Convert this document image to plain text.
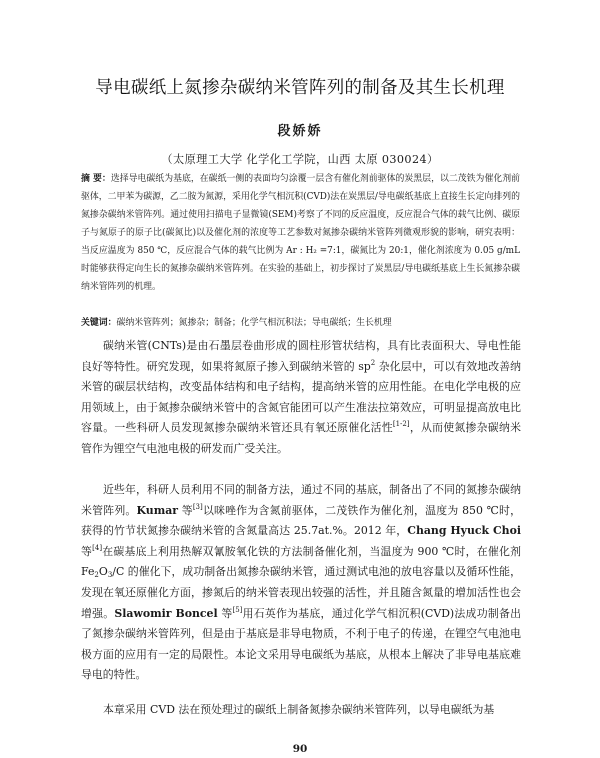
导电碳纸上氮掺杂碳纳米管阵列的制备及其生长机理
段娇娇
（太原理工大学 化学化工学院，山西 太原 030024）
摘 要：选择导电碳纸为基底，在碳纸一侧的表面均匀涂覆一层含有催化剂前驱体的炭黑层，以二茂铁为催化剂前驱体，二甲苯为碳源，乙二胺为氮源，采用化学气相沉积(CVD)法在炭黑层/导电碳纸基底上直接生长定向排列的氮掺杂碳纳米管阵列。通过使用扫描电子显微镜(SEM)考察了不同的反应温度，反应混合气体的载气比例、碳原子与氮原子的原子比(碳氮比)以及催化剂的浓度等工艺参数对氮掺杂碳纳米管阵列微观形貌的影响，研究表明：当反应温度为 850 ℃，反应混合气体的载气比例为 Ar : H₂ =7:1，碳氮比为 20:1，催化剂浓度为 0.05 g/mL 时能够获得定向生长的氮掺杂碳纳米管阵列。在实验的基础上，初步探讨了炭黑层/导电碳纸基底上生长氮掺杂碳纳米管阵列的机理。
关键词：碳纳米管阵列；氮掺杂；制备；化学气相沉积法；导电碳纸；生长机理

碳纳米管(CNTs)是由石墨层卷曲形成的圆柱形管状结构，具有比表面积大、导电性能良好等特性。研究发现，如果将氮原子掺入到碳纳米管的 $sp^2$ 杂化层中，可以有效地改善纳米管的碳层状结构，改变晶体结构和电子结构，提高纳米管的应用性能。在电化学电极的应用领域上，由于氮掺杂碳纳米管中的含氮官能团可以产生准法拉第效应，可明显提高放电比容量。一些科研人员发现氮掺杂碳纳米管还具有氧还原催化活性[1-2]，从而使氮掺杂碳纳米管作为锂空气电池电极的研发而广受关注。

近些年，科研人员利用不同的制备方法，通过不同的基底，制备出了不同的氮掺杂碳纳米管阵列。Kumar 等[3]以咪唑作为含氮前驱体，二茂铁作为催化剂，温度为 850 ℃时，获得的竹节状氮掺杂碳纳米管的含氮量高达 25.7at.%。2012 年，Chang Hyuck Choi 等[4]在碳基底上利用热解双氰胺氧化铁的方法制备催化剂，当温度为 900 ℃时，在催化剂 $Fe_2O_3/C$ 的催化下，成功制备出氮掺杂碳纳米管，通过测试电池的放电容量以及循环性能，发现在氧还原催化方面，掺氮后的纳米管表现出较强的活性，并且随含氮量的增加活性也会增强。Slawomir Boncel 等[5]用石英作为基底，通过化学气相沉积(CVD)法成功制备出了氮掺杂碳纳米管阵列，但是由于基底是非导电物质，不利于电子的传递，在锂空气电池电极方面的应用有一定的局限性。本论文采用导电碳纸为基底，从根本上解决了非导电基底难导电的特性。

本章采用 CVD 法在预处理过的碳纸上制备氮掺杂碳纳米管阵列，以导电碳纸为基

90
